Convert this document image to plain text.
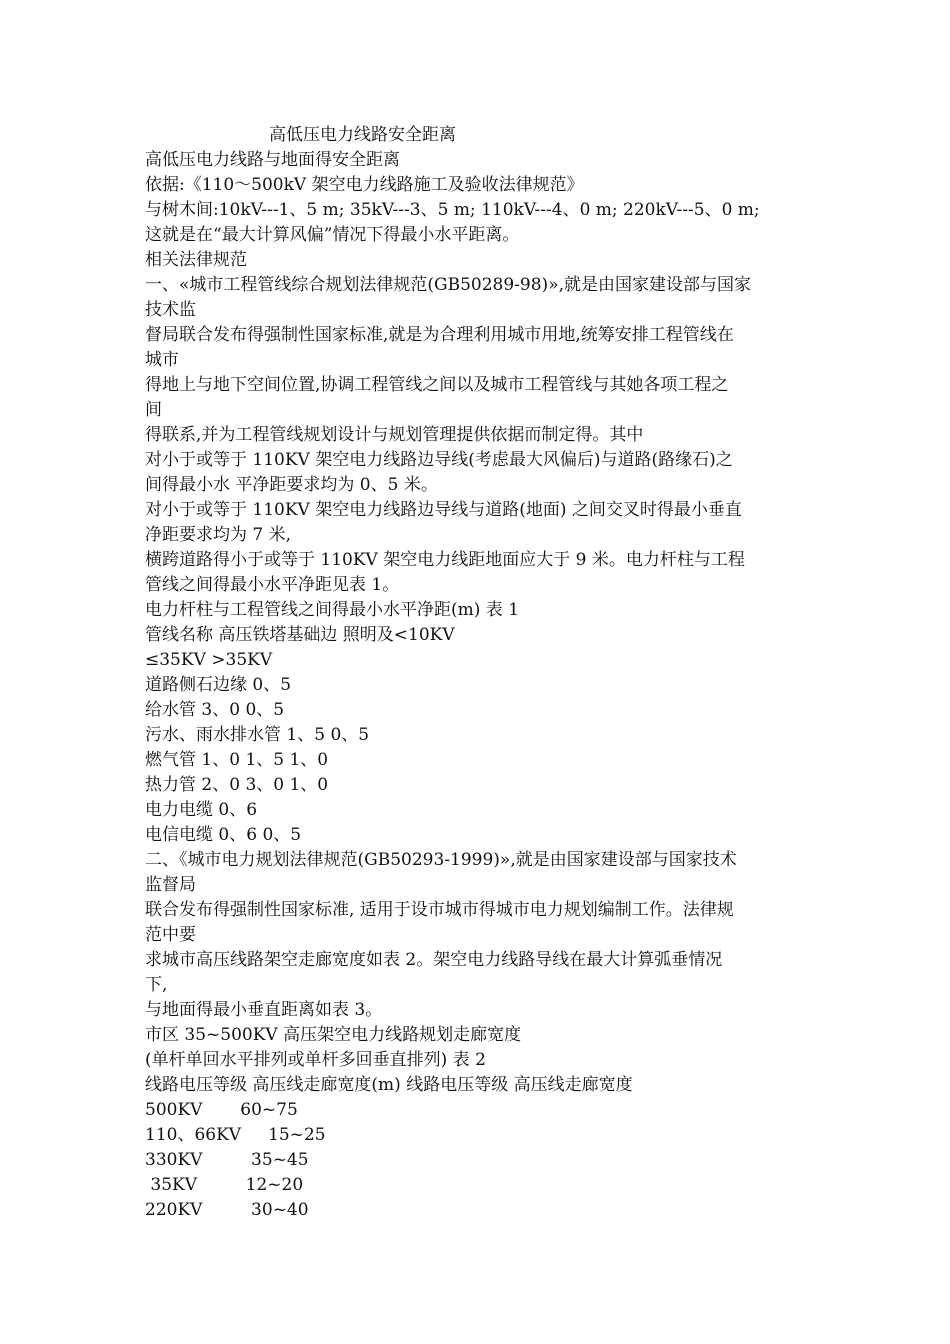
高低压电力线路安全距离
高低压电力线路与地面得安全距离
依据:《110～500kV 架空电力线路施工及验收法律规范》
与树木间:10kV---1、5 m; 35kV---3、5 m; 110kV---4、0 m; 220kV---5、0 m;
这就是在“最大计算风偏”情况下得最小水平距离。
相关法律规范
一、«城市工程管线综合规划法律规范(GB50289-98)»,就是由国家建设部与国家
技术监
督局联合发布得强制性国家标准,就是为合理利用城市用地,统筹安排工程管线在
城市
得地上与地下空间位置,协调工程管线之间以及城市工程管线与其她各项工程之
间
得联系,并为工程管线规划设计与规划管理提供依据而制定得。其中
对小于或等于 110KV 架空电力线路边导线(考虑最大风偏后)与道路(路缘石)之
间得最小水 平净距要求均为 0、5 米。
对小于或等于 110KV 架空电力线路边导线与道路(地面) 之间交叉时得最小垂直
净距要求均为 7 米,
横跨道路得小于或等于 110KV 架空电力线距地面应大于 9 米。电力杆柱与工程
管线之间得最小水平净距见表 1。
电力杆柱与工程管线之间得最小水平净距(m) 表 1
管线名称 高压铁塔基础边 照明及<10KV
≤35KV >35KV
道路侧石边缘 0、5
给水管 3、0 0、5
污水、雨水排水管 1、5 0、5
燃气管 1、0 1、5 1、0
热力管 2、0 3、0 1、0
电力电缆 0、6
电信电缆 0、6 0、5
二、《城市电力规划法律规范(GB50293-1999)»,就是由国家建设部与国家技术
监督局
联合发布得强制性国家标准, 适用于设市城市得城市电力规划编制工作。法律规
范中要
求城市高压线路架空走廊宽度如表 2。架空电力线路导线在最大计算弧垂情况
下,
与地面得最小垂直距离如表 3。
市区 35~500KV 高压架空电力线路规划走廊宽度
(单杆单回水平排列或单杆多回垂直排列) 表 2
线路电压等级 高压线走廊宽度(m) 线路电压等级 高压线走廊宽度
500KV       60~75
110、66KV     15~25
330KV         35~45
35KV         12~20
220KV         30~40
